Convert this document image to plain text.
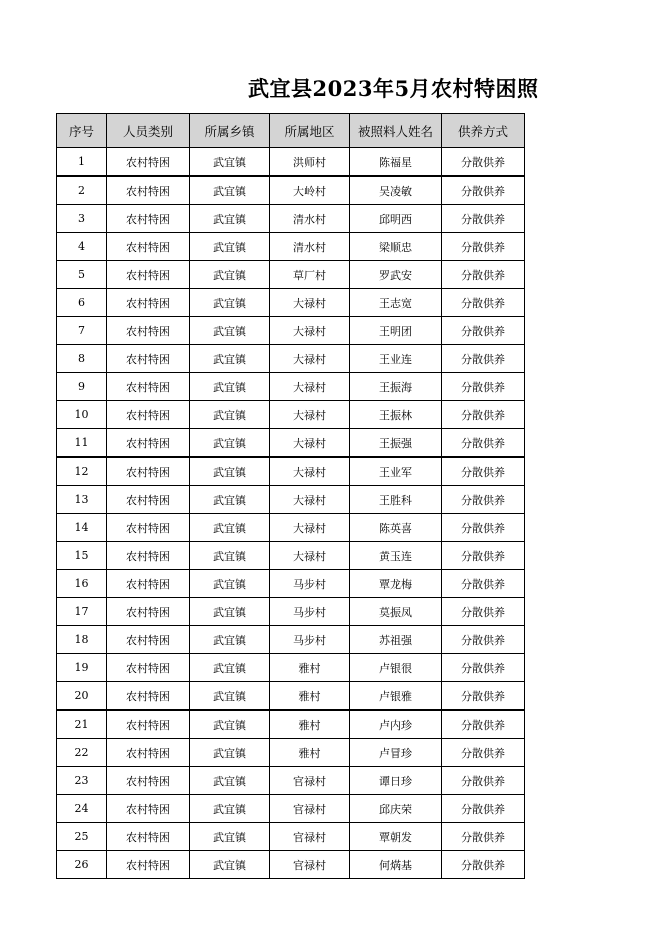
武宜县2023年5月农村特困照
序号	人员类别	所属乡镇	所属地区	被照料人姓名	供养方式
1	农村特困	武宜镇	洪师村	陈福星	分散供养
2	农村特困	武宜镇	大岭村	吴凌敏	分散供养
3	农村特困	武宜镇	清水村	邱明西	分散供养
4	农村特困	武宜镇	清水村	梁顺忠	分散供养
5	农村特困	武宜镇	草厂村	罗武安	分散供养
6	农村特困	武宜镇	大禄村	王志宽	分散供养
7	农村特困	武宜镇	大禄村	王明团	分散供养
8	农村特困	武宜镇	大禄村	王业连	分散供养
9	农村特困	武宜镇	大禄村	王振海	分散供养
10	农村特困	武宜镇	大禄村	王振林	分散供养
11	农村特困	武宜镇	大禄村	王振强	分散供养
12	农村特困	武宜镇	大禄村	王业军	分散供养
13	农村特困	武宜镇	大禄村	王胜科	分散供养
14	农村特困	武宜镇	大禄村	陈英喜	分散供养
15	农村特困	武宜镇	大禄村	黄玉连	分散供养
16	农村特困	武宜镇	马步村	覃龙梅	分散供养
17	农村特困	武宜镇	马步村	莫振凤	分散供养
18	农村特困	武宜镇	马步村	苏祖强	分散供养
19	农村特困	武宜镇	雅村	卢银很	分散供养
20	农村特困	武宜镇	雅村	卢银雅	分散供养
21	农村特困	武宜镇	雅村	卢内珍	分散供养
22	农村特困	武宜镇	雅村	卢冒珍	分散供养
23	农村特困	武宜镇	官禄村	谭日珍	分散供养
24	农村特困	武宜镇	官禄村	邱庆荣	分散供养
25	农村特困	武宜镇	官禄村	覃朝发	分散供养
26	农村特困	武宜镇	官禄村	何焫基	分散供养
